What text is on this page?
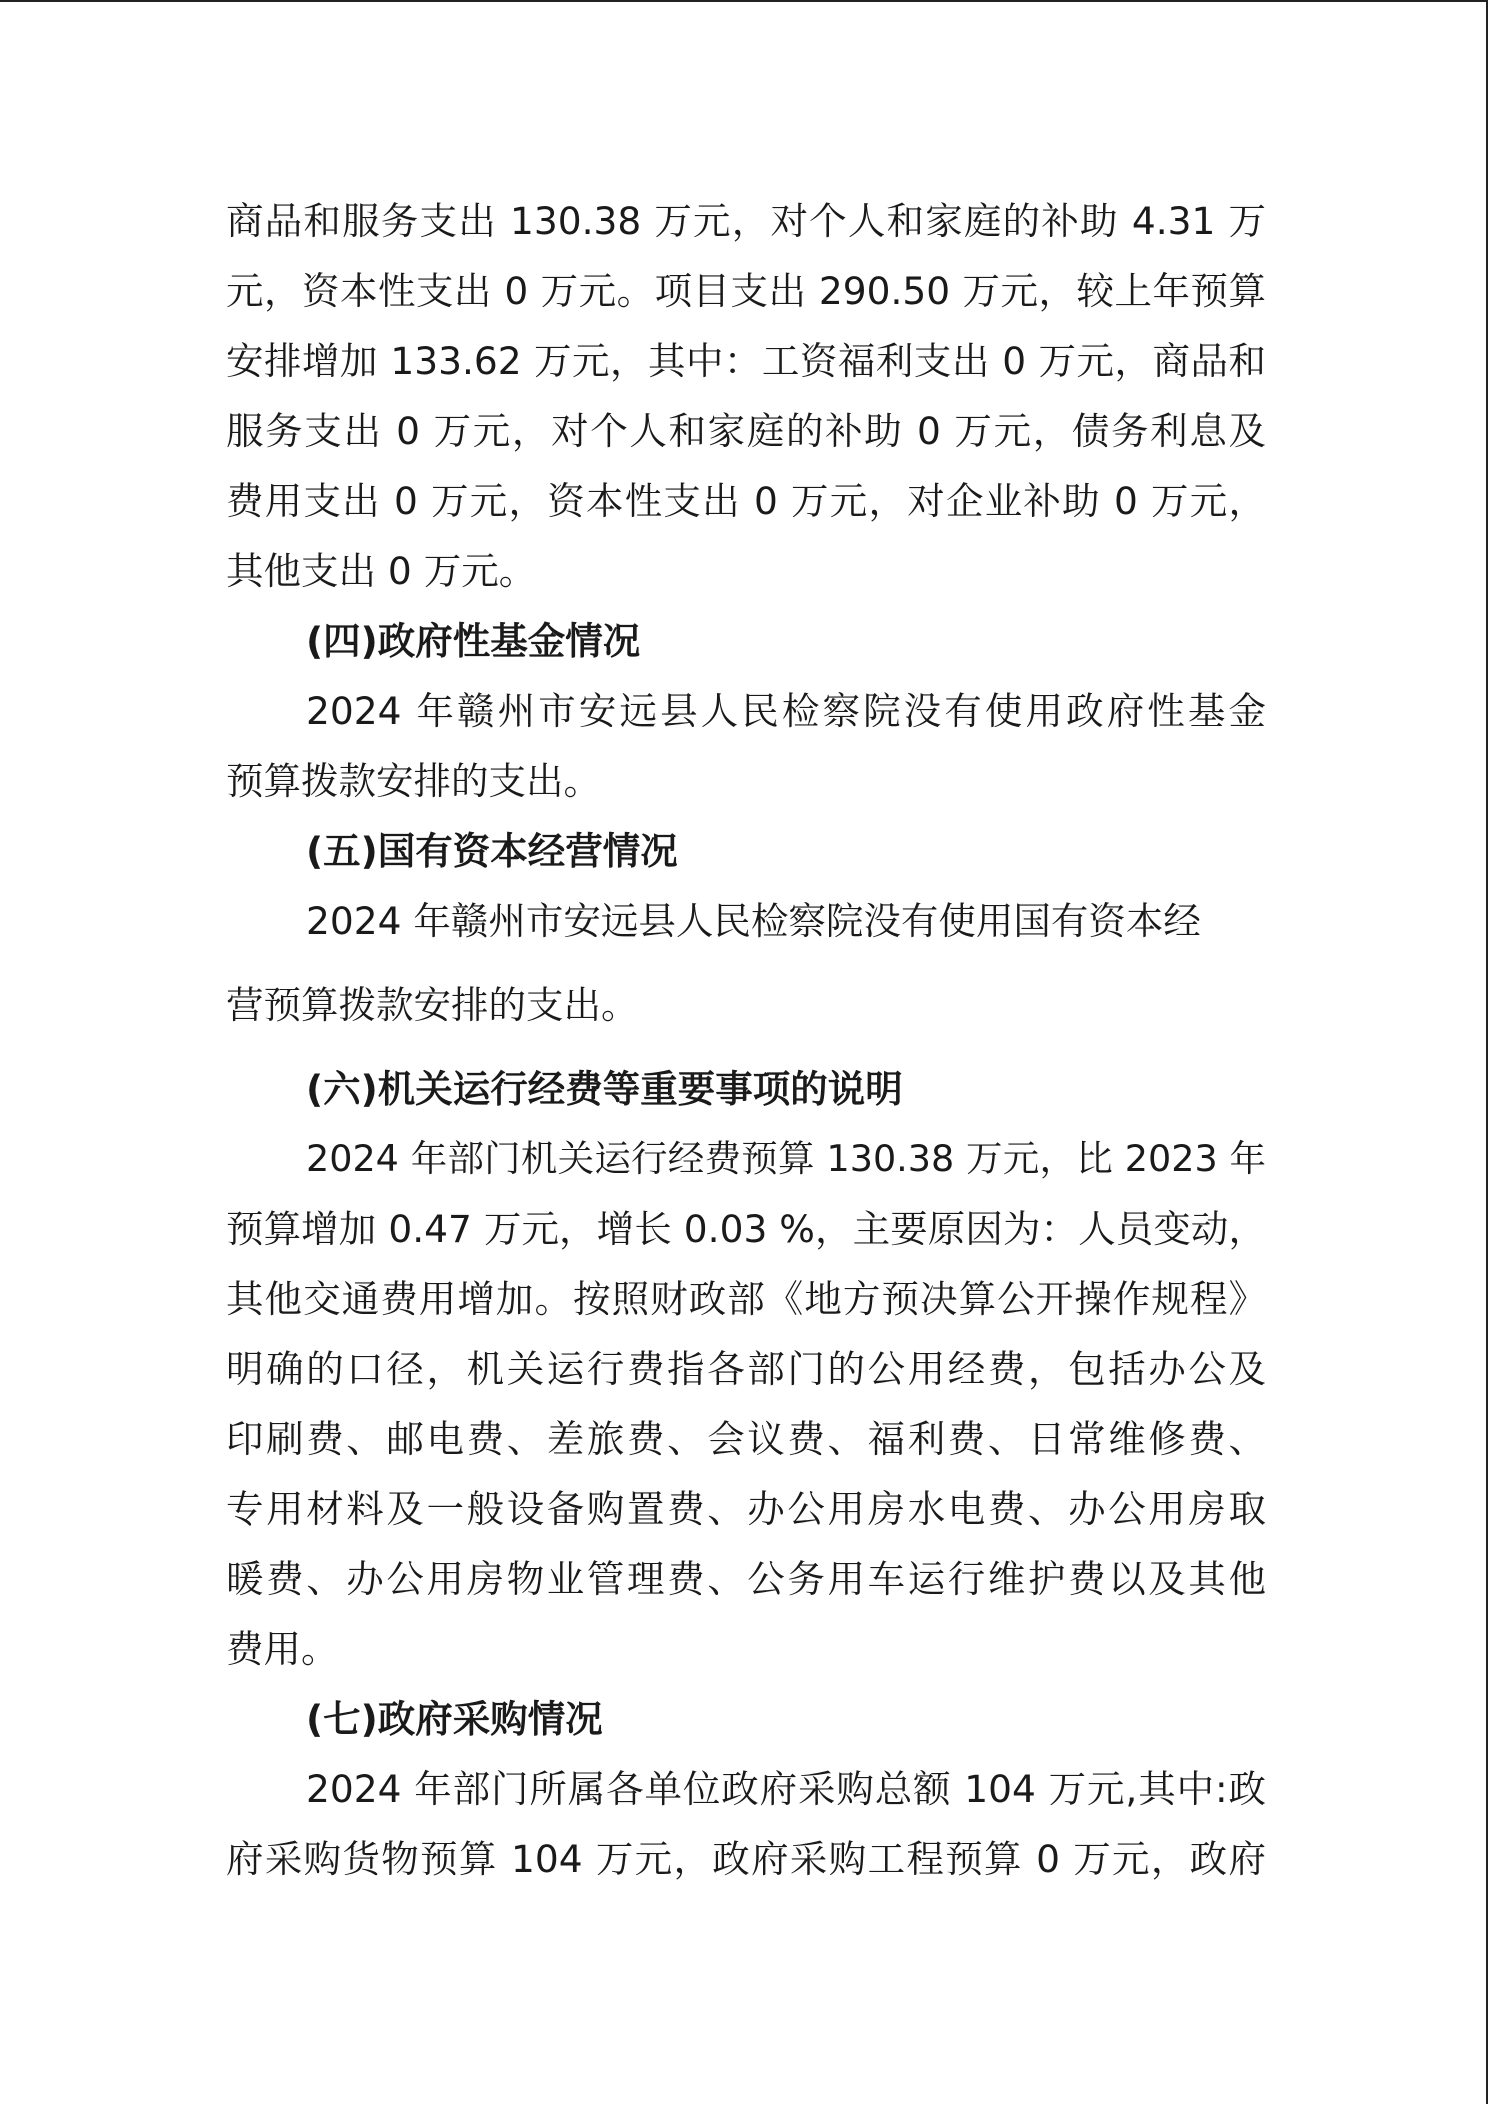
商品和服务支出 130.38 万元，对个人和家庭的补助 4.31 万
元，资本性支出 0 万元。项目支出 290.50 万元，较上年预算
安排增加 133.62 万元，其中：工资福利支出 0 万元，商品和
服务支出 0 万元，对个人和家庭的补助 0 万元，债务利息及
费用支出 0 万元，资本性支出 0 万元，对企业补助 0 万元，
其他支出 0 万元。
(四)政府性基金情况
2024 年赣州市安远县人民检察院没有使用政府性基金
预算拨款安排的支出。
(五)国有资本经营情况
2024 年赣州市安远县人民检察院没有使用国有资本经
营预算拨款安排的支出。
(六)机关运行经费等重要事项的说明
2024 年部门机关运行经费预算 130.38 万元，比 2023 年
预算增加 0.47 万元，增长 0.03 %，主要原因为：人员变动，
其他交通费用增加。按照财政部《地方预决算公开操作规程》
明确的口径，机关运行费指各部门的公用经费，包括办公及
印刷费、邮电费、差旅费、会议费、福利费、日常维修费、
专用材料及一般设备购置费、办公用房水电费、办公用房取
暖费、办公用房物业管理费、公务用车运行维护费以及其他
费用。
(七)政府采购情况
2024 年部门所属各单位政府采购总额 104 万元,其中:政
府采购货物预算 104 万元，政府采购工程预算 0 万元，政府
